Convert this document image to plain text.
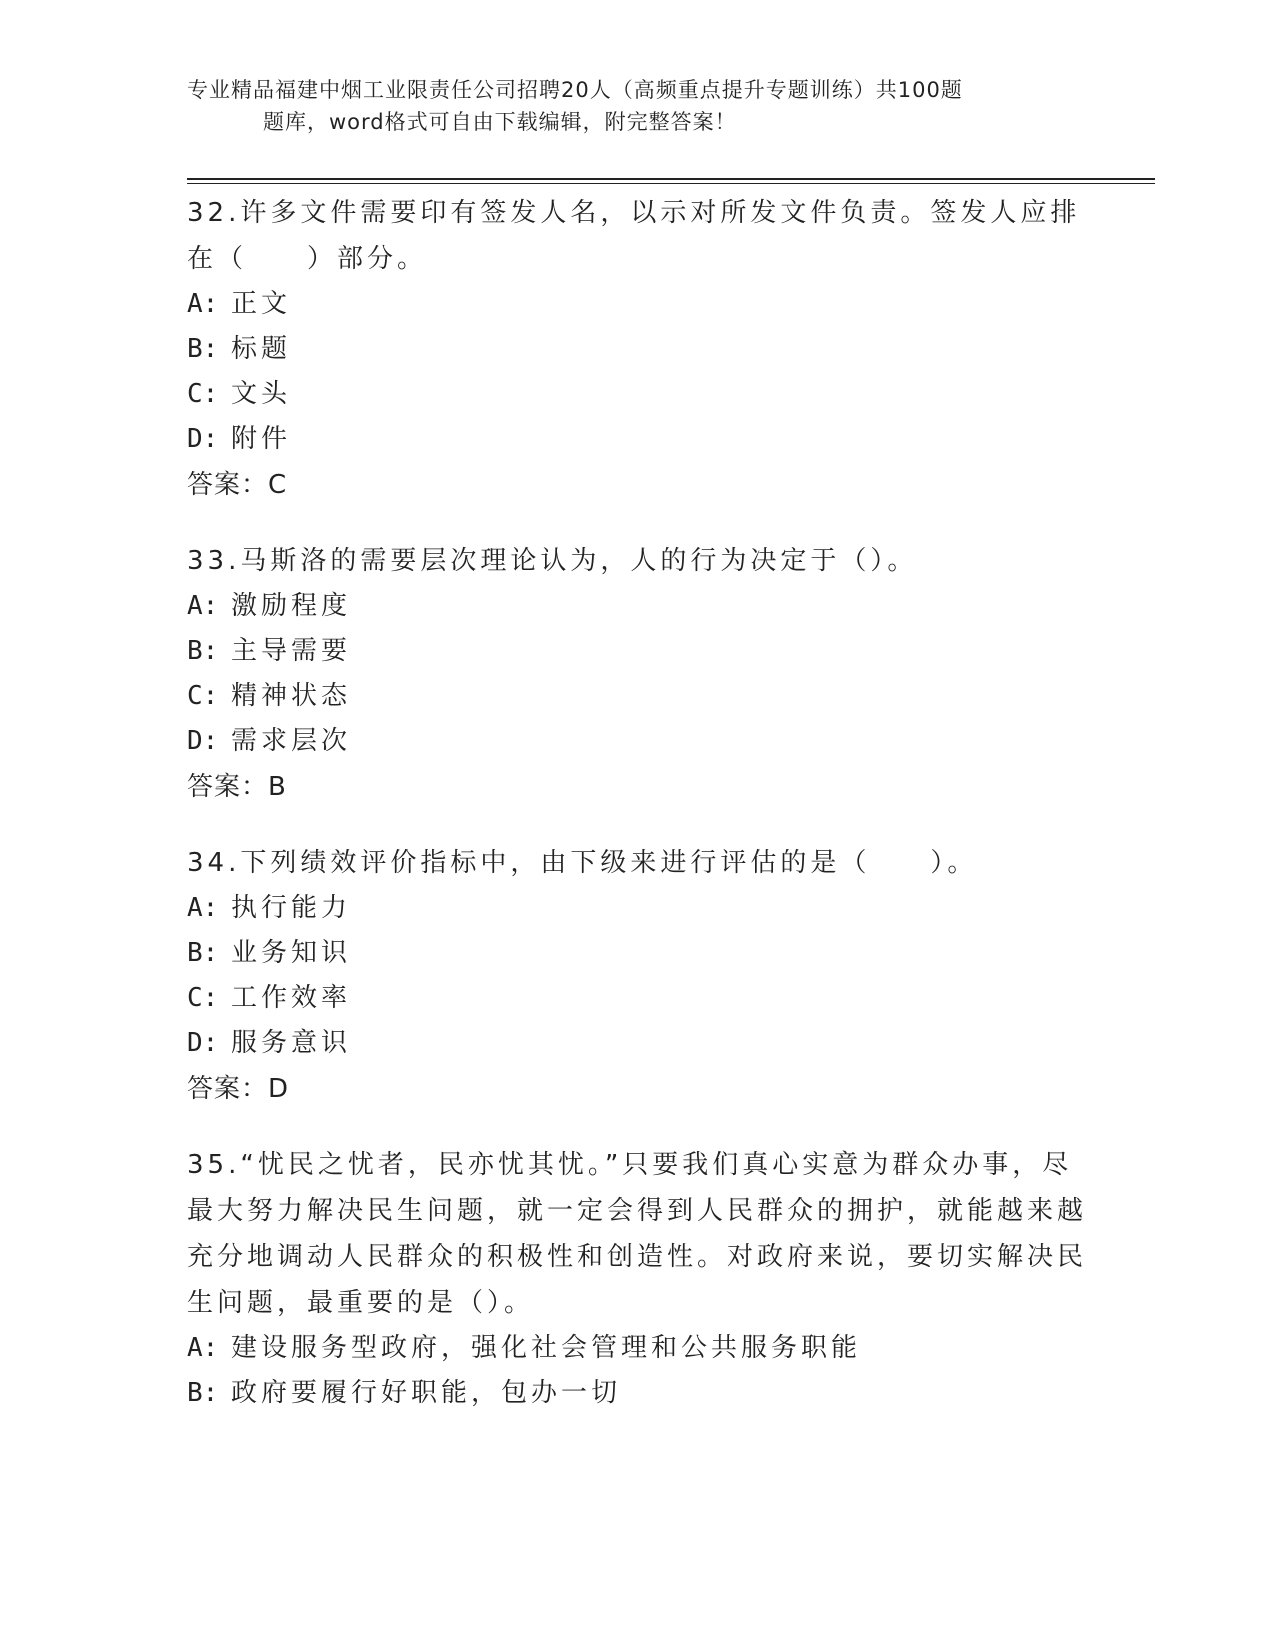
专业精品福建中烟工业限责任公司招聘20人（高频重点提升专题训练）共100题
题库，word格式可自由下载编辑，附完整答案！

32.许多文件需要印有签发人名，以示对所发文件负责。签发人应排在（　　）部分。

A: 正文

B: 标题

C: 文头

D: 附件

答案：C

33.马斯洛的需要层次理论认为，人的行为决定于（）。

A: 激励程度

B: 主导需要

C: 精神状态

D: 需求层次

答案：B

34.下列绩效评价指标中，由下级来进行评估的是（　　）。

A: 执行能力

B: 业务知识

C: 工作效率

D: 服务意识

答案：D

35.“忧民之忧者，民亦忧其忧。”只要我们真心实意为群众办事，尽最大努力解决民生问题，就一定会得到人民群众的拥护，就能越来越充分地调动人民群众的积极性和创造性。对政府来说，要切实解决民生问题，最重要的是（）。

A: 建设服务型政府，强化社会管理和公共服务职能

B: 政府要履行好职能，包办一切
